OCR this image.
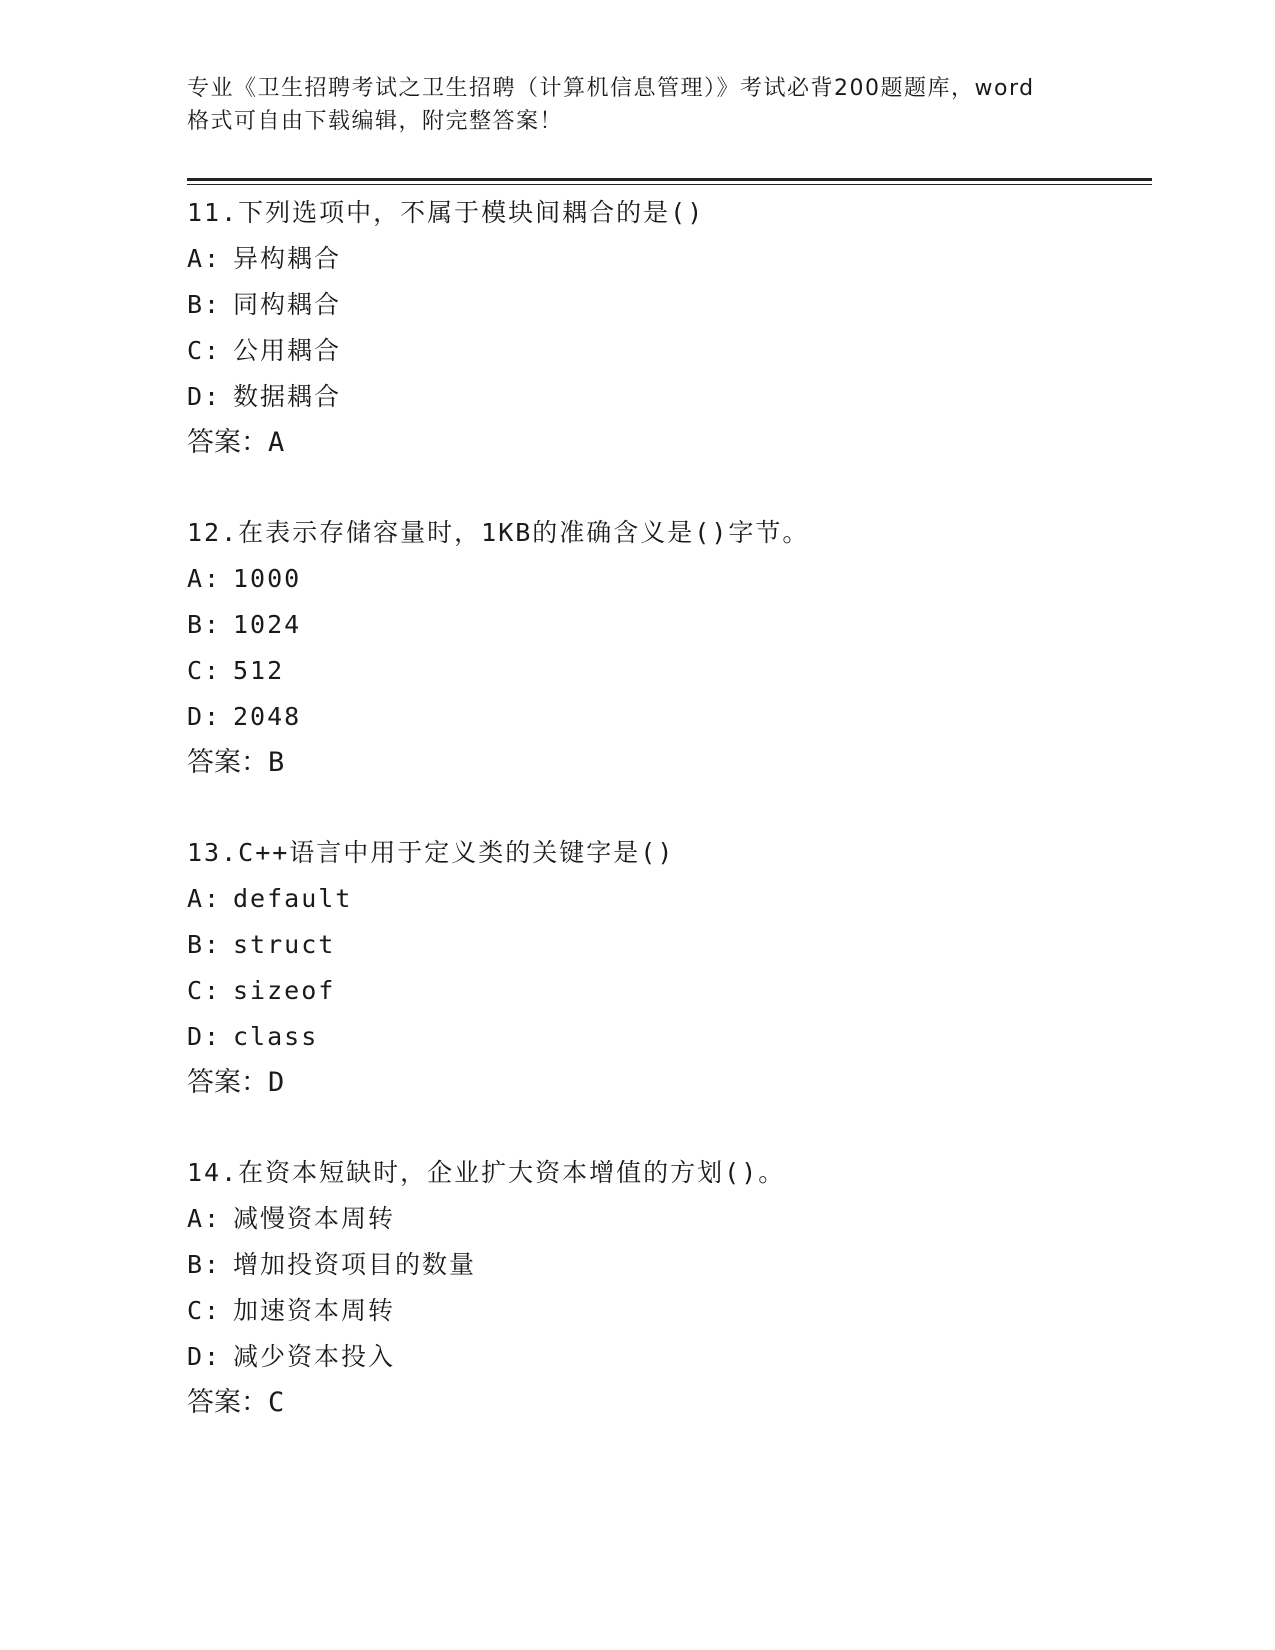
专业《卫生招聘考试之卫生招聘（计算机信息管理）》考试必背200题题库，word
格式可自由下载编辑，附完整答案！
11.下列选项中，不属于模块间耦合的是()
A: 异构耦合
B: 同构耦合
C: 公用耦合
D: 数据耦合
答案：A
12.在表示存储容量时，1KB的准确含义是()字节。
A: 1000
B: 1024
C: 512
D: 2048
答案：B
13.C++语言中用于定义类的关键字是()
A: default
B: struct
C: sizeof
D: class
答案：D
14.在资本短缺时，企业扩大资本增值的方划()。
A: 减慢资本周转
B: 增加投资项目的数量
C: 加速资本周转
D: 减少资本投入
答案：C
